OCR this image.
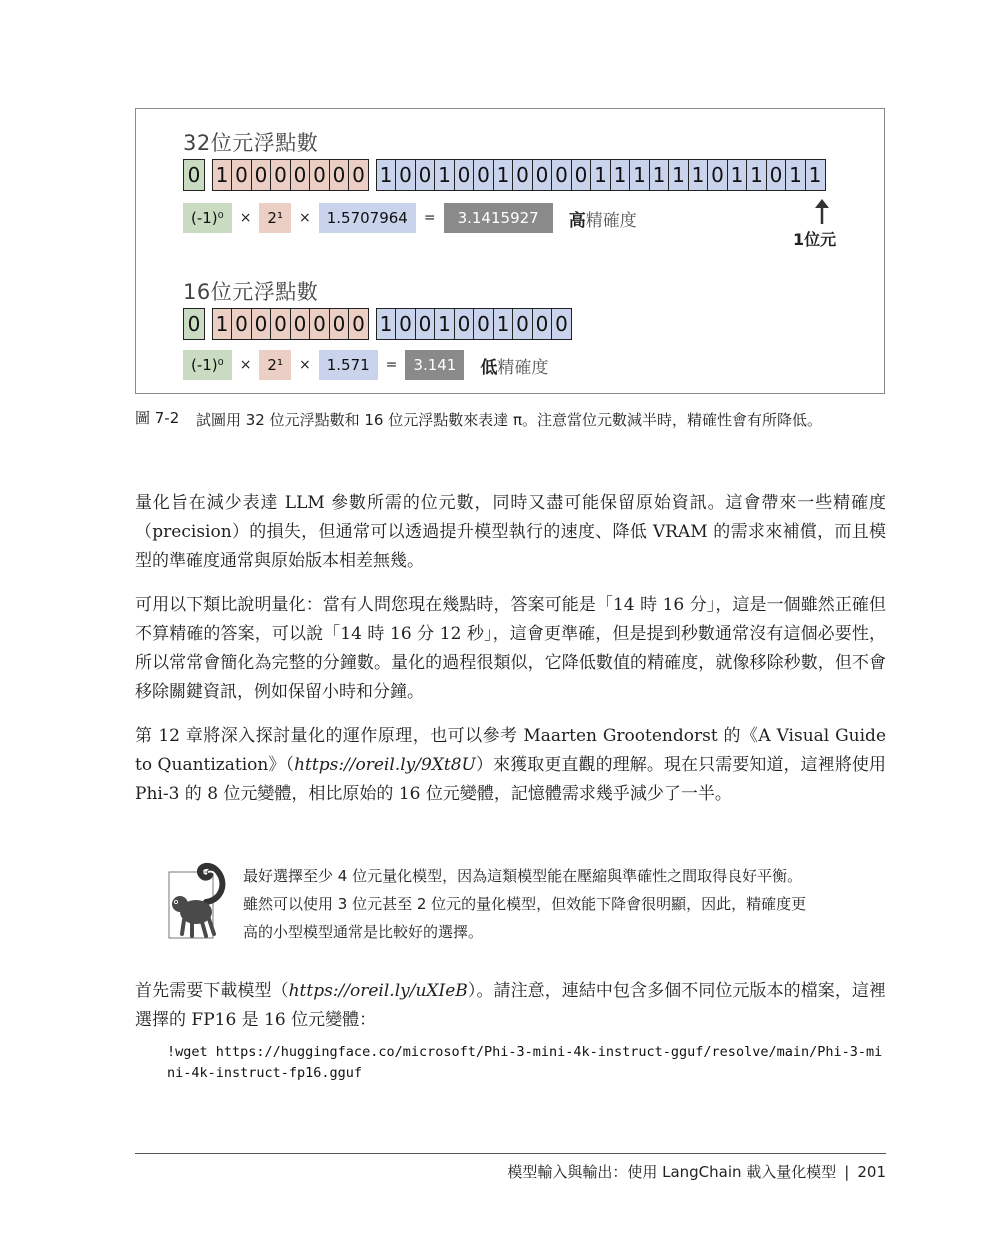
32位元浮點數
0 1 0 0 0 0 0 0 0 1 0 0 1 0 0 1 0 0 0 0 1 1 1 1 1 1 0 1 1 0 1 1
(-1)⁰	×	2¹	×	1.5707964	=	3.1415927	高精確度
1位元
16位元浮點數
0 1 0 0 0 0 0 0 0 1 0 0 1 0 0 1 0 0 0
(-1)⁰	×	2¹	×	1.571	=	3.141	低精確度
圖 7-2 試圖用 32 位元浮點數和 16 位元浮點數來表達 π。注意當位元數減半時，精確性會有所降低。

量化旨在減少表達 LLM 參數所需的位元數，同時又盡可能保留原始資訊。這會帶來一些精確度（precision）的損失，但通常可以透過提升模型執行的速度、降低 VRAM 的需求來補償，而且模型的準確度通常與原始版本相差無幾。

可用以下類比說明量化：當有人問您現在幾點時，答案可能是「14 時 16 分」，這是一個雖然正確但不算精確的答案，可以說「14 時 16 分 12 秒」，這會更準確，但是提到秒數通常沒有這個必要性，所以常常會簡化為完整的分鐘數。量化的過程很類似，它降低數值的精確度，就像移除秒數，但不會移除關鍵資訊，例如保留小時和分鐘。

第 12 章將深入探討量化的運作原理，也可以參考 Maarten Grootendorst 的《A Visual Guide to Quantization》（https://oreil.ly/9Xt8U）來獲取更直觀的理解。現在只需要知道，這裡將使用 Phi-3 的 8 位元變體，相比原始的 16 位元變體，記憶體需求幾乎減少了一半。

最好選擇至少 4 位元量化模型，因為這類模型能在壓縮與準確性之間取得良好平衡。雖然可以使用 3 位元甚至 2 位元的量化模型，但效能下降會很明顯，因此，精確度更高的小型模型通常是比較好的選擇。

首先需要下載模型（https://oreil.ly/uXIeB）。請注意，連結中包含多個不同位元版本的檔案，這裡選擇的 FP16 是 16 位元變體：

!wget https://huggingface.co/microsoft/Phi-3-mini-4k-instruct-gguf/resolve/main/Phi-3-mini-4k-instruct-fp16.gguf
模型輸入與輸出：使用 LangChain 載入量化模型 | 201
